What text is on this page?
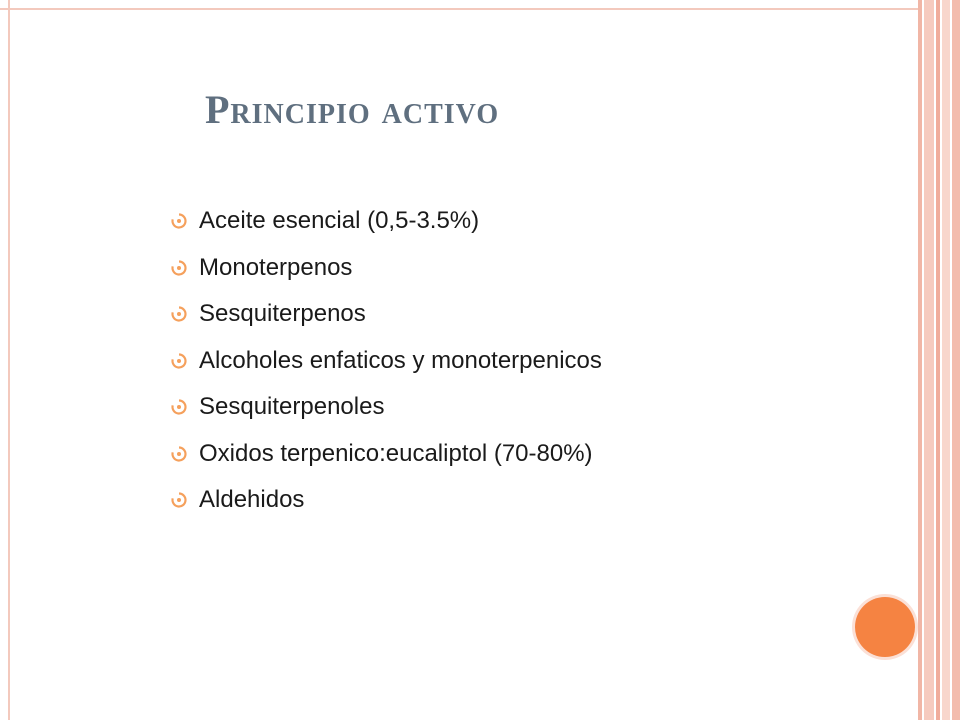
Principio activo
Aceite esencial (0,5-3.5%)
Monoterpenos
Sesquiterpenos
Alcoholes enfaticos y monoterpenicos
Sesquiterpenoles
Oxidos terpenico:eucaliptol (70-80%)
Aldehidos
